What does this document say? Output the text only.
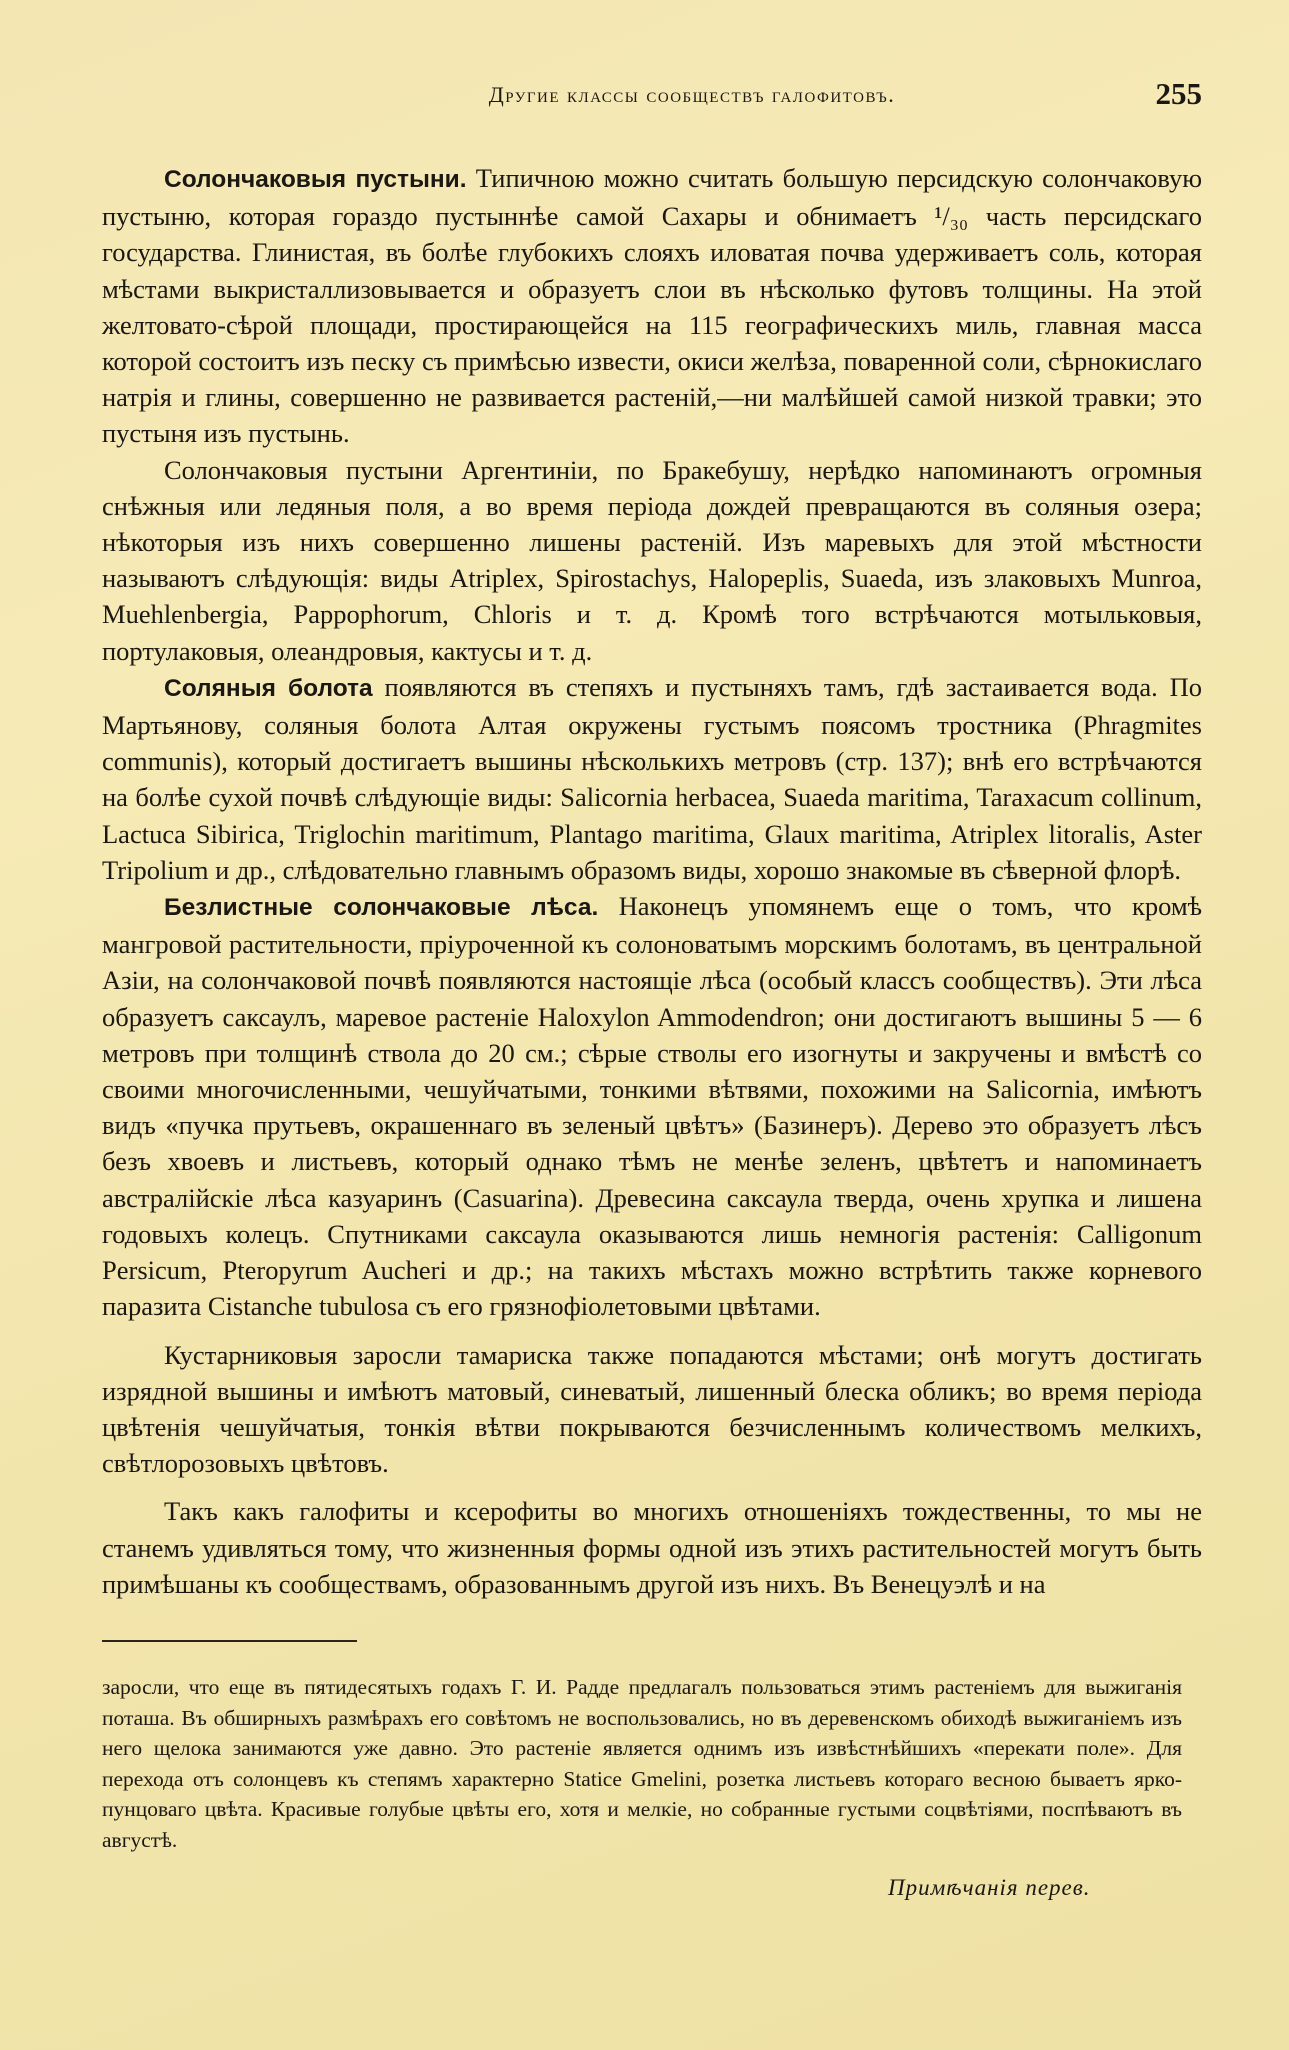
Другие классы сообществъ галофитовъ.	255

Солончаковыя пустыни. Типичною можно считать большую персидскую солончаковую пустыню, которая гораздо пустыннѣе самой Сахары и обнимаетъ ¹/₃₀ часть персидскаго государства. Глинистая, въ болѣе глубокихъ слояхъ иловатая почва удерживаетъ соль, которая мѣстами выкристаллизовывается и образуетъ слои въ нѣсколько футовъ толщины. На этой желтовато-сѣрой площади, простирающейся на 115 географическихъ миль, главная масса которой состоитъ изъ песку съ примѣсью извести, окиси желѣза, поваренной соли, сѣрнокислаго натрія и глины, совершенно не развивается растеній,—ни малѣйшей самой низкой травки; это пустыня изъ пустынь.

Солончаковыя пустыни Аргентиніи, по Бракебушу, нерѣдко напоминаютъ огромныя снѣжныя или ледяныя поля, а во время періода дождей превращаются въ соляныя озера; нѣкоторыя изъ нихъ совершенно лишены растеній. Изъ маревыхъ для этой мѣстности называютъ слѣдующія: виды Atriplex, Spirostachys, Halopeplis, Suaeda, изъ злаковыхъ Munroa, Muehlenbergia, Pappophorum, Chloris и т. д. Кромѣ того встрѣчаются мотыльковыя, портулаковыя, олеандровыя, кактусы и т. д.

Соляныя болота появляются въ степяхъ и пустыняхъ тамъ, гдѣ застаивается вода. По Мартьянову, соляныя болота Алтая окружены густымъ поясомъ тростника (Phragmites communis), который достигаетъ вышины нѣсколькихъ метровъ (стр. 137); внѣ его встрѣчаются на болѣе сухой почвѣ слѣдующіе виды: Salicornia herbacea, Suaeda maritima, Taraxacum collinum, Lactuca Sibirica, Triglochin maritimum, Plantago maritima, Glaux maritima, Atriplex litoralis, Aster Tripolium и др., слѣдовательно главнымъ образомъ виды, хорошо знакомые въ сѣверной флорѣ.

Безлистные солончаковые лѣса. Наконецъ упомянемъ еще о томъ, что кромѣ мангровой растительности, пріуроченной къ солоноватымъ морскимъ болотамъ, въ центральной Азіи, на солончаковой почвѣ появляются настоящіе лѣса (особый классъ сообществъ). Эти лѣса образуетъ саксаулъ, маревое растеніе Haloxylon Ammodendron; они достигаютъ вышины 5 — 6 метровъ при толщинѣ ствола до 20 см.; сѣрые стволы его изогнуты и закручены и вмѣстѣ со своими многочисленными, чешуйчатыми, тонкими вѣтвями, похожими на Salicornia, имѣютъ видъ «пучка прутьевъ, окрашеннаго въ зеленый цвѣтъ» (Базинеръ). Дерево это образуетъ лѣсъ безъ хвоевъ и листьевъ, который однако тѣмъ не менѣе зеленъ, цвѣтетъ и напоминаетъ австралійскіе лѣса казуаринъ (Casuarina). Древесина саксаула тверда, очень хрупка и лишена годовыхъ колецъ. Спутниками саксаула оказываются лишь немногія растенія: Calligonum Persicum, Pteropyrum Aucheri и др.; на такихъ мѣстахъ можно встрѣтить также корневого паразита Cistanche tubulosa съ его грязнофіолетовыми цвѣтами.

Кустарниковыя заросли тамариска также попадаются мѣстами; онѣ могутъ достигать изрядной вышины и имѣютъ матовый, синеватый, лишенный блеска обликъ; во время періода цвѣтенія чешуйчатыя, тонкія вѣтви покрываются безчисленнымъ количествомъ мелкихъ, свѣтлорозовыхъ цвѣтовъ.

Такъ какъ галофиты и ксерофиты во многихъ отношеніяхъ тождественны, то мы не станемъ удивляться тому, что жизненныя формы одной изъ этихъ растительностей могутъ быть примѣшаны къ сообществамъ, образованнымъ другой изъ нихъ. Въ Венецуэлѣ и на

заросли, что еще въ пятидесятыхъ годахъ Г. И. Радде предлагалъ пользоваться этимъ растеніемъ для выжиганія поташа. Въ обширныхъ размѣрахъ его совѣтомъ не воспользовались, но въ деревенскомъ обиходѣ выжиганіемъ изъ него щелока занимаются уже давно. Это растеніе является однимъ изъ извѣстнѣйшихъ «перекати поле». Для перехода отъ солонцевъ къ степямъ характерно Statice Gmelini, розетка листьевъ котораго весною бываетъ ярко-пунцоваго цвѣта. Красивые голубые цвѣты его, хотя и мелкіе, но собранные густыми соцвѣтіями, поспѣваютъ въ августѣ.

Примѣчанія перев.
